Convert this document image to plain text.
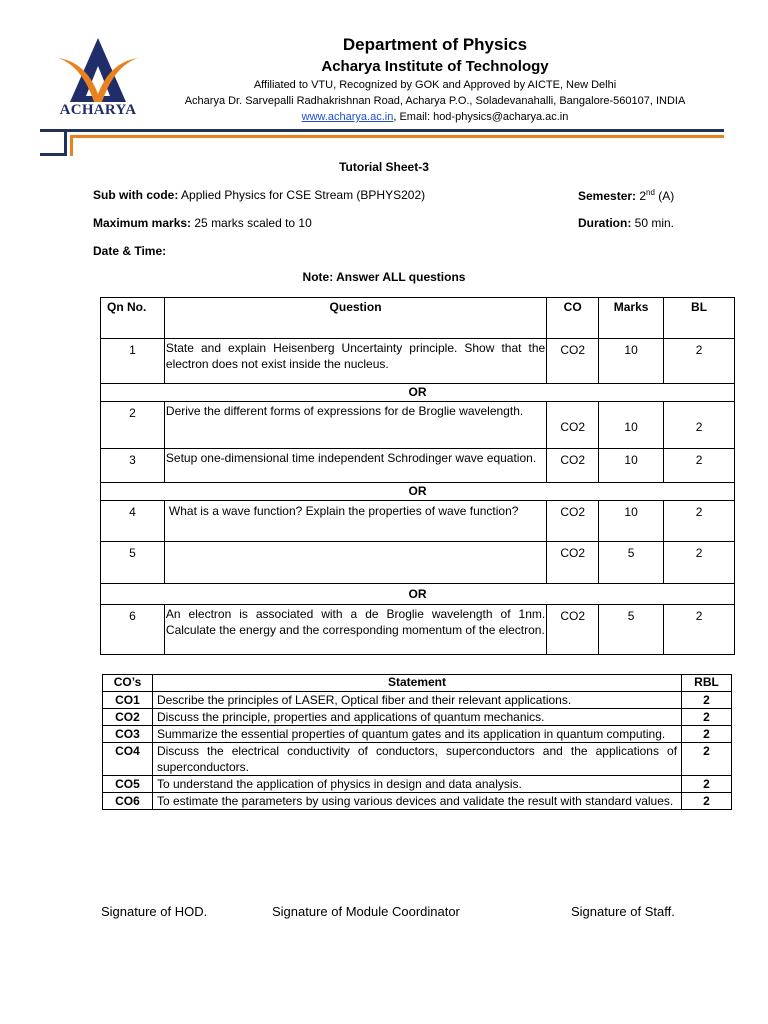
ACHARYA
Department of Physics
Acharya Institute of Technology
Affiliated to VTU, Recognized by GOK and Approved by AICTE, New Delhi
Acharya Dr. Sarvepalli Radhakrishnan Road, Acharya P.O., Soladevanahalli, Bangalore-560107, INDIA
www.acharya.ac.in, Email: hod-physics@acharya.ac.in
Tutorial Sheet-3
Sub with code: Applied Physics for CSE Stream (BPHYS202)	Semester: 2nd (A)
Maximum marks: 25 marks scaled to 10	Duration: 50 min.
Date & Time:
Note: Answer ALL questions
Qn No.	Question	CO	Marks	BL
1	State and explain Heisenberg Uncertainty principle. Show that the electron does not exist inside the nucleus.	CO2	10	2
OR				
2	Derive the different forms of expressions for de Broglie wavelength.	CO2	10	2
3	Setup one-dimensional time independent Schrodinger wave equation.	CO2	10	2
OR				
4	What is a wave function? Explain the properties of wave function?	CO2	10	2
5		CO2	5	2
OR				
6	An electron is associated with a de Broglie wavelength of 1nm. Calculate the energy and the corresponding momentum of the electron.	CO2	5	2
CO’s	Statement	RBL
CO1	Describe the principles of LASER, Optical fiber and their relevant applications.	2
CO2	Discuss the principle, properties and applications of quantum mechanics.	2
CO3	Summarize the essential properties of quantum gates and its application in quantum computing.	2
CO4	Discuss the electrical conductivity of conductors, superconductors and the applications of superconductors.	2
CO5	To understand the application of physics in design and data analysis.	2
CO6	To estimate the parameters by using various devices and validate the result with standard values.	2
Signature of HOD.	Signature of Module Coordinator	Signature of Staff.
